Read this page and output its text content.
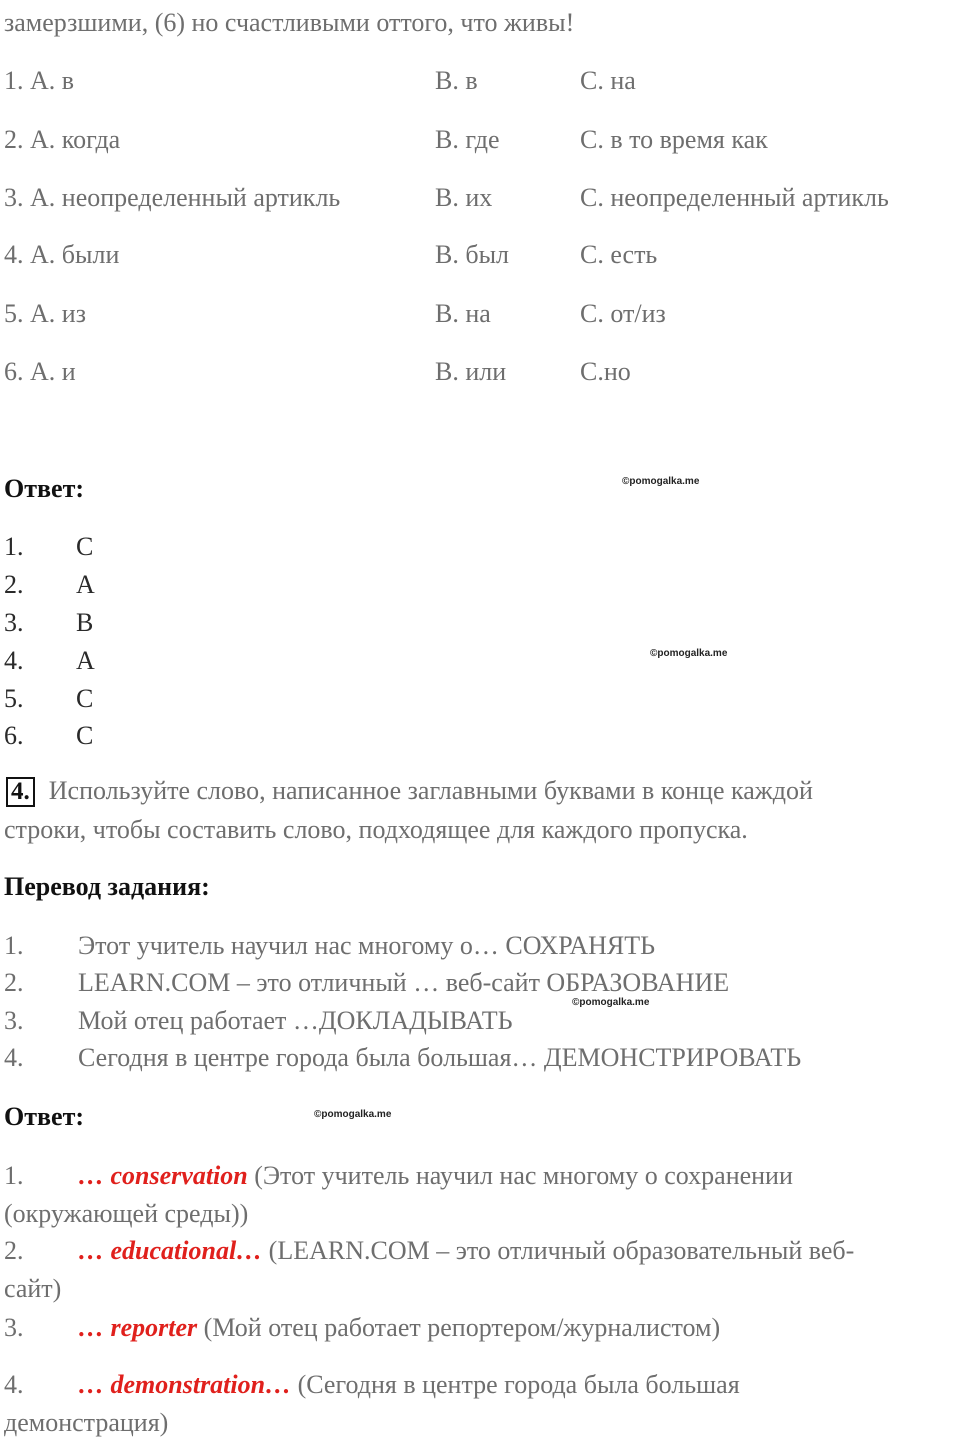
замерзшими, (6) но счастливыми оттого, что живы!
1. А. в	В. в	С. на
2. А. когда	В. где	С. в то время как
3. А. неопределенный артикль	В. их	С. неопределенный артикль
4. А. были	В. был	С. есть
5. А. из	В. на	С. от/из
6. А. и	В. или	С.но
Ответ:	©pomogalka.me
1. C
2. A
3. B
4. A
5. C
6. C
©pomogalka.me
4. Используйте слово, написанное заглавными буквами в конце каждой
строки, чтобы составить слово, подходящее для каждого пропуска.
Перевод задания:
1. Этот учитель научил нас многому о… СОХРАНЯТЬ
2. LEARN.COM – это отличный … веб-сайт ОБРАЗОВАНИЕ
3. Мой отец работает …ДОКЛАДЫВАТЬ
4. Сегодня в центре города была большая… ДЕМОНСТРИРОВАТЬ
©pomogalka.me
Ответ:	©pomogalka.me
1. … conservation (Этот учитель научил нас многому о сохранении
(окружающей среды))
2. … educational… (LEARN.COM – это отличный образовательный веб-
сайт)
3. … reporter (Мой отец работает репортером/журналистом)
4. … demonstration… (Сегодня в центре города была большая
демонстрация)
